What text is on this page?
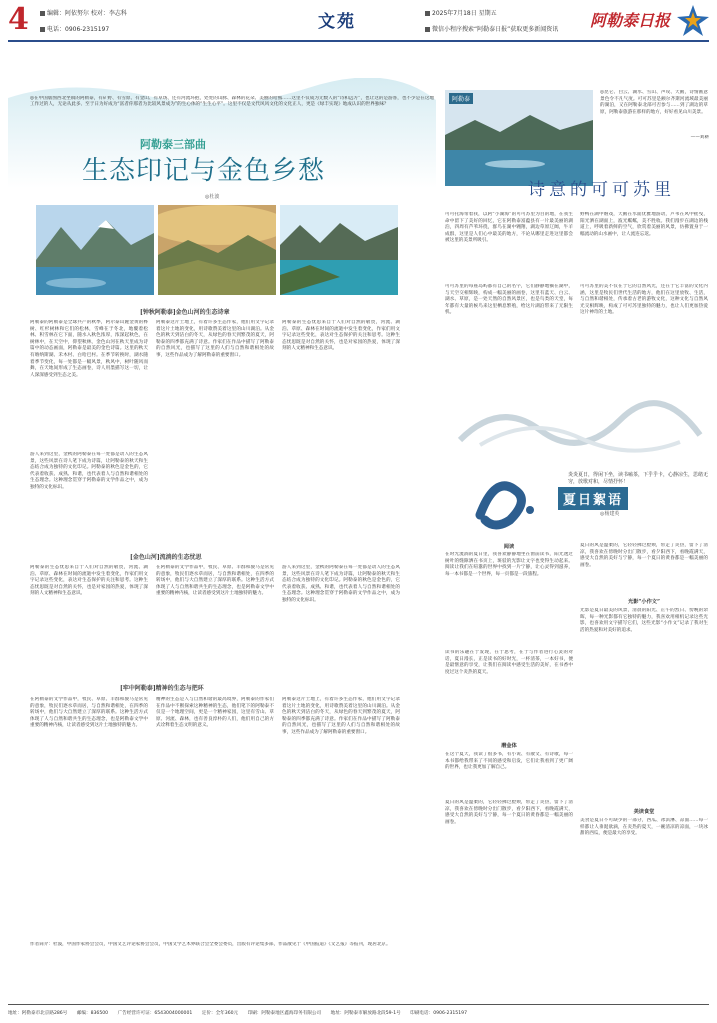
4	编辑：阿依努尔 校对：李志科
电话：0906-2315197	文苑	2025年7月18日 星期五
微信小程序搜索“阿勒泰日报”获取更多新闻资讯 阿勒泰日报
◎在中国版图西北坐镇的阿勒泰，有矿野、有雪原、有金山、有草场、还有河流环抱，处处的山脉、森林的花朵、美丽的哈熊……这里不仅成为无数人的“诗和远方”，也让这的是游客，也不少是在这地工作过的人，无论从此多、至于日为好成为“富者你那者为比较风景成为”的生心体的“生生心平”。这里不仅是文代风风文化的文化正人，更是《绿丰实现》地成认识的世界独味？
阿勒泰三部曲
生态印记与金色乡愁
◎杜波
[钟秋阿勒泰]金色山河的生态诗章
阿勒泰的阿勒泰是全球共产的秋季，阿尔泰山麓金黄的桦树、红杉树林和它们的松林，雪峰在于冬北，地覆着松林、积雪林在它下面，随水入秋色浓厚，浓深起秋色，在树林中，在天空中，仰望秋林，金色山河在秋天里成为诗篇中的动态画面，阿勒泰是最美的金色诗篇。这里的秋天有喀纳斯湖、禾木村、白哈巴村。在季节转换时，湖水随着季节变化，每一处都是一幅风景，秋风中，树叶随风而舞，在天地间形成了生态画卷，诗人用墨描写这一切，让人深深感受到生态之美。
游人来到这里，金秋的阿勒泰在每一处都是动人的生态风景，这些风景在诗人笔下成为诗篇，让阿勒泰的秋天和生态结合成为独特的文化印记。阿勒泰的秋色是金色的，它代表着收获、成熟、和谐，也代表着人与自然和谐相处的生态理念。这种理念贯穿于阿勒泰的文学作品之中，成为独特的文化标识。
阿勒泰这片土地上，有着许多生态作家，他们用文字记录着这片土地的变化，用诗歌赞美着这里的山川湖泊。从金色的秋天到洁白的冬天，从绿色的春天到繁茂的夏天，阿勒泰的四季都充满了诗意。作家们在作品中描写了阿勒泰的自然风光，也描写了这里的人们与自然和谐相处的故事，这些作品成为了解阿勒泰的重要窗口。
阿勒泰的生态忧思来自于人们对自然的敬畏，河流、湖泊、草原、森林在时间的流逝中发生着变化，作家们用文字记录这些变化，表达对生态保护的关注和思考。这种生态忧思既是对自然的关怀，也是对家园的热爱，体现了深刻的人文精神和生态意识。
[金色山河]流淌的生态忧思
阿勒泰的生态忧思来自于人们对自然的敬畏，河流、湖泊、草原、森林在时间的流逝中发生着变化，作家们用文字记录这些变化，表达对生态保护的关注和思考。这种生态忧思既是对自然的关怀，也是对家园的热爱，体现了深刻的人文精神和生态意识。
在阿勒泰的文学作品中，牧民、草原、羊群和骏马是常见的意象，牧民们逐水草而居，与自然和谐相处，在四季的转场中，他们与大自然建立了深厚的联系。这种生活方式体现了人与自然和谐共生的生态理念，也是阿勒泰文学中重要的精神内核，让读者感受到这片土地独特的魅力。
游人来到这里，金秋的阿勒泰在每一处都是动人的生态风景，这些风景在诗人笔下成为诗篇，让阿勒泰的秋天和生态结合成为独特的文化印记。阿勒泰的秋色是金色的，它代表着收获、成熟、和谐，也代表着人与自然和谐相处的生态理念。这种理念贯穿于阿勒泰的文学作品之中，成为独特的文化标识。
[牢中阿勒泰]精神的生态与把环
在阿勒泰的文学作品中，牧民、草原、羊群和骏马是常见的意象，牧民们逐水草而居，与自然和谐相处，在四季的转场中，他们与大自然建立了深厚的联系。这种生活方式体现了人与自然和谐共生的生态理念，也是阿勒泰文学中重要的精神内核，让读者感受到这片土地独特的魅力。
精神的生态是人与自然和谐的最高境界，阿勒泰的作家们在作品中不断探索这种精神的生态，他们笔下的阿勒泰不仅是一个地理空间，更是一个精神家园，这里有雪山、草原、河流、森林，也有善良淳朴的人们，他们用自己的方式诠释着生态文明的意义。
阿勒泰这片土地上，有着许多生态作家，他们用文字记录着这片土地的变化，用诗歌赞美着这里的山川湖泊。从金色的秋天到洁白的冬天，从绿色的春天到繁茂的夏天，阿勒泰的四季都充满了诗意。作家们在作品中描写了阿勒泰的自然风光，也描写了这里的人们与自然和谐相处的故事，这些作品成为了解阿勒泰的重要窗口。
作者简介：杜波，中国作家协会会员，中国文艺评论家协会会员，中国文学艺术界联合会全委会委员，出版有评论集多部，作品散见于《中国报道》《文艺报》等报刊，现居北京。
阿勒泰
◎昆仑、白云、湖水、雪山、声叹、天鹅，诗情画意景色令不凡气度。可可苏里是额尔齐斯河流域最美丽的湖泊，又在阿勒泰北部可否参与……到了湖边的草原，阿勒泰旅游在那样的地方，好好看见山川美景。
——刘耕
诗意的可可苏里
可可托海带着我，以阿“小湖海”的可可苏里为目的地，在我生命中留下了美好的回忆，它在阿勒泰富蕴县有一片最美丽的湖泊，四周有芦苇环绕，群鸟在湖中翱翔，湖边草原辽阔，牛羊成群，这里是人们心中最美的地方，不论从哪里走进这里都会被这里的美景所吸引。
可可苏里的每座岛屿都有自己的名字，它们静静地躺在湖中，与天空交相辉映，构成一幅美丽的画卷，这里有蓝天、白云、湖水、草原，是一处天然的自然风景区，也是鸟类的天堂，每年都有大量的候鸟来这里栖息繁殖，给这片湖泊带来了无限生机。
野鸭在湖中嬉戏，天鹅在水面优雅地游动，芦苇在风中摇曳，阳光洒在湖面上，波光粼粼，美不胜收。我们漫步在湖边的栈道上，呼吸着新鲜的空气，欣赏着美丽的风景，仿佛置身于一幅流动的山水画中，让人流连忘返。
可可苏里的美不仅在于它的自然风光，还在于它丰富的文化内涵，这里是牧民们世代生活的地方，他们在这里放牧、生活，与自然和谐相处，传承着古老的游牧文化，这种文化与自然风光交相辉映，构成了可可苏里独特的魅力，也让人们更加热爱这片神奇的土地。
炎炎夏日，得闲下坐，读书嗑茶，下乎乎卡，心静凉生，思绪无穷，放歌对和，尽情抒怀！
夏日絮语
◎杨建英
阅读
在时光流淌的夏日里，我喜欢静静地坐在窗前读书，阳光透过树叶的缝隙洒在书页上，斑驳的光影让文字也变得生动起来。阅读让我们在喧嚣的世界中找到一片宁静，让心灵得到滋养，每一本书都是一个世界，每一页都是一段旅程。
读书的乐趣在于发现，在于思考，在于与作者进行心灵的对话，夏日漫长，正是读书的好时光，一杯清茶，一本好书，便是最惬意的享受，让我们在阅读中感受生活的美好，在书香中度过这个炎热的夏天。
磨金体
在这个夏天，我读了很多书，有小说、有散文、有诗歌，每一本书都给我带来了不同的感受和启发，它们让我看到了更广阔的世界，也让我更加了解自己。
夏日的风是温柔的，它轻轻拂过脸颊，带走了炎热，留下了清凉，我喜欢在傍晚时分出门散步，看夕阳西下，看晚霞满天，感受大自然的美好与宁静，每一个夏日的黄昏都是一幅美丽的画卷。
夏日的风是温柔的，它轻轻拂过脸颊，带走了炎热，留下了清凉，我喜欢在傍晚时分出门散步，看夕阳西下，看晚霞满天，感受大自然的美好与宁静，每一个夏日的黄昏都是一幅美丽的画卷。
光影“小作文”
光影是夏日最美的风景，清晨的阳光、正午的烈日、傍晚的余晖，每一种光影都有它独特的魅力，我喜欢用相机记录这些光影，也喜欢用文字描写它们，这些光影“小作文”记录了我对生活的热爱和对美好的追求。
美读食堂
美食是夏日不可缺少的一部分，西瓜、冰淇淋、凉面……每一样都让人垂涎欲滴，在炎热的夏天，一碗清凉的凉面，一块冰甜的西瓜，便是最大的享受。
地址：阿勒泰市北京路286号 邮编：836500 广告经营许可证：6543004000001 定价：全年360元 印刷：阿勒泰地区鑫海印务有限公司 地址：阿勒泰市解放路北段59-1号 印刷电话：0906-2315197
